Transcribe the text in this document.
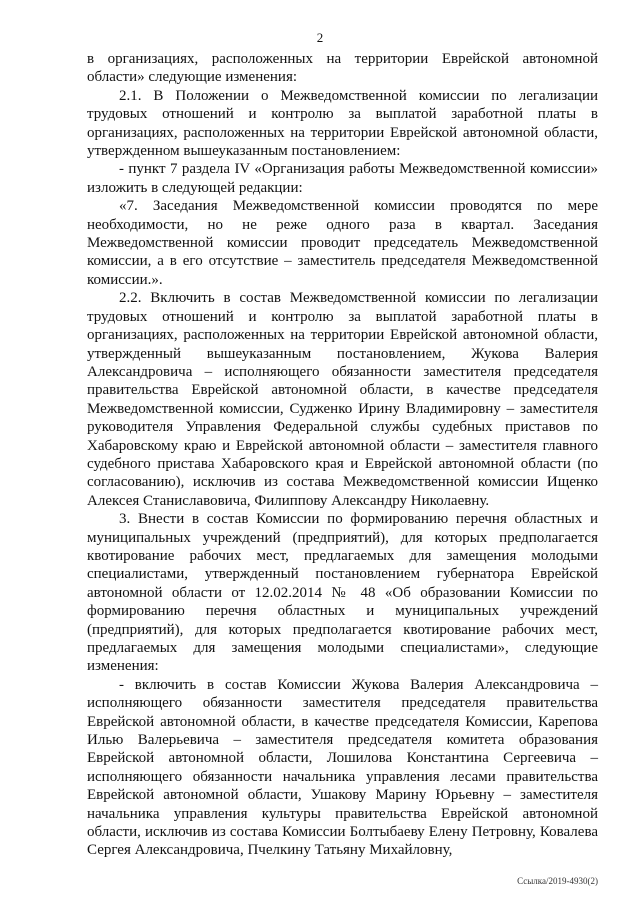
2

в организациях, расположенных на территории Еврейской автономной области» следующие изменения:

2.1. В Положении о Межведомственной комиссии по легализации трудовых отношений и контролю за выплатой заработной платы в организациях, расположенных на территории Еврейской автономной области, утвержденном вышеуказанным постановлением:

- пункт 7 раздела IV «Организация работы Межведомственной комиссии» изложить в следующей редакции:

«7. Заседания Межведомственной комиссии проводятся по мере необходимости, но не реже одного раза в квартал. Заседания Межведомственной комиссии проводит председатель Межведомственной комиссии, а в его отсутствие – заместитель председателя Межведомственной комиссии.».

2.2. Включить в состав Межведомственной комиссии по легализации трудовых отношений и контролю за выплатой заработной платы в организациях, расположенных на территории Еврейской автономной области, утвержденный вышеуказанным постановлением, Жукова Валерия Александровича – исполняющего обязанности заместителя председателя правительства Еврейской автономной области, в качестве председателя Межведомственной комиссии, Судженко Ирину Владимировну – заместителя руководителя Управления Федеральной службы судебных приставов по Хабаровскому краю и Еврейской автономной области – заместителя главного судебного пристава Хабаровского края и Еврейской автономной области (по согласованию), исключив из состава Межведомственной комиссии Ищенко Алексея Станиславовича, Филиппову Александру Николаевну.

3. Внести в состав Комиссии по формированию перечня областных и муниципальных учреждений (предприятий), для которых предполагается квотирование рабочих мест, предлагаемых для замещения молодыми специалистами, утвержденный постановлением губернатора Еврейской автономной области от 12.02.2014 № 48 «Об образовании Комиссии по формированию перечня областных и муниципальных учреждений (предприятий), для которых предполагается квотирование рабочих мест, предлагаемых для замещения молодыми специалистами», следующие изменения:

- включить в состав Комиссии Жукова Валерия Александровича – исполняющего обязанности заместителя председателя правительства Еврейской автономной области, в качестве председателя Комиссии, Карепова Илью Валерьевича – заместителя председателя комитета образования Еврейской автономной области, Лошилова Константина Сергеевича – исполняющего обязанности начальника управления лесами правительства Еврейской автономной области, Ушакову Марину Юрьевну – заместителя начальника управления культуры правительства Еврейской автономной области, исключив из состава Комиссии Болтыбаеву Елену Петровну, Ковалева Сергея Александровича, Пчелкину Татьяну Михайловну,

Ссылка/2019-4930(2)
